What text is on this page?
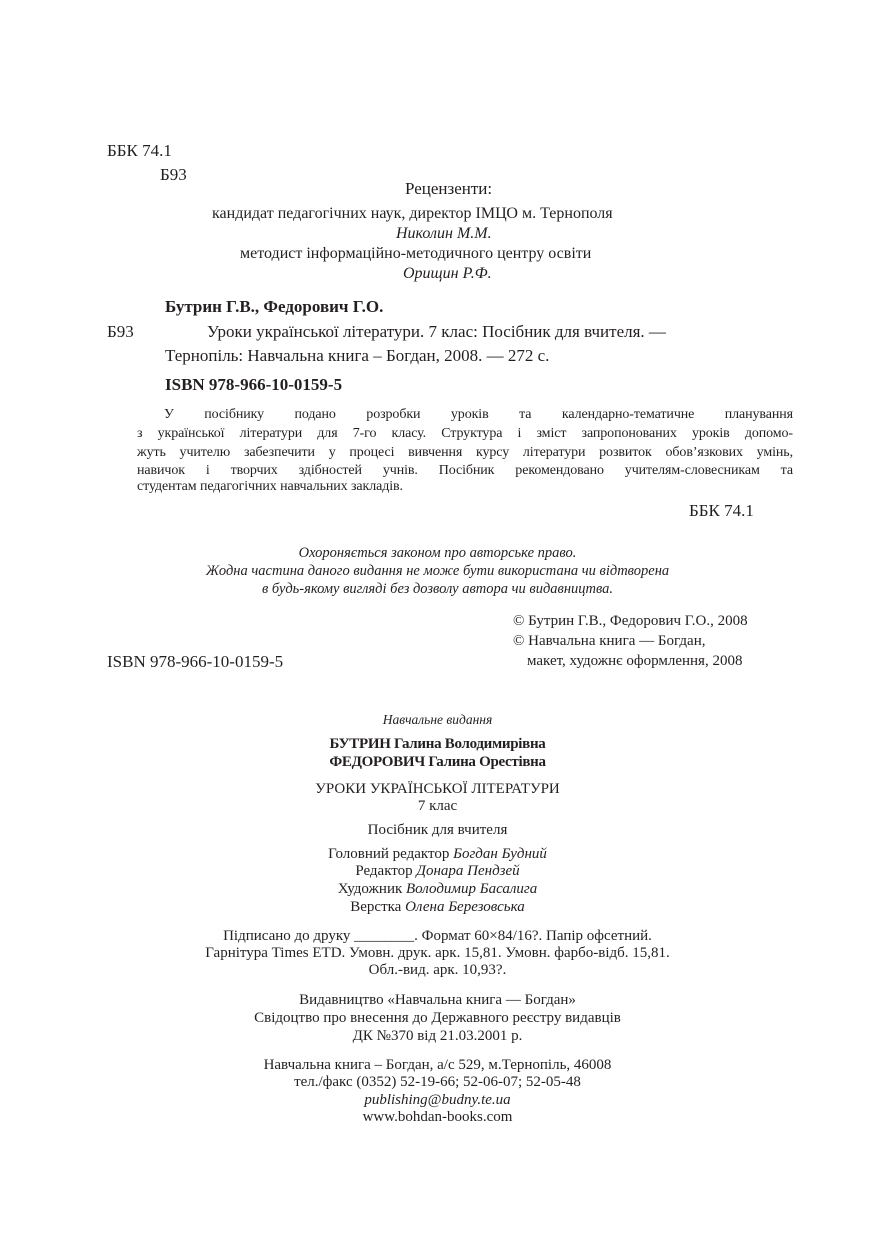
ББК 74.1
Б93
Рецензенти:
кандидат педагогічних наук, директор ІМЦО м. Тернополя
Николин М.М.
методист інформаційно-методичного центру освіти
Орищин Р.Ф.
Бутрин Г.В., Федорович Г.О.
Б93	Уроки української літератури. 7 клас: Посібник для вчителя. —
Тернопіль: Навчальна книга – Богдан, 2008. — 272 с.
ISBN 978-966-10-0159-5
У посібнику подано розробки уроків та календарно-тематичне планування
з української літератури для 7-го класу. Структура і зміст запропонованих уроків допомо-
жуть учителю забезпечити у процесі вивчення курсу літератури розвиток обов’язкових умінь,
навичок і творчих здібностей учнів. Посібник рекомендовано учителям-словесникам та
студентам педагогічних навчальних закладів.
ББК 74.1
Охороняється законом про авторське право.
Жодна частина даного видання не може бути використана чи відтворена
в будь-якому вигляді без дозволу автора чи видавництва.
© Бутрин Г.В., Федорович Г.О., 2008
© Навчальна книга — Богдан,
макет, художнє оформлення, 2008
ISBN 978-966-10-0159-5
Навчальне видання
БУТРИН Галина Володимирівна
ФЕДОРОВИЧ Галина Орестівна
УРОКИ УКРАЇНСЬКОЇ ЛІТЕРАТУРИ
7 клас
Посібник для вчителя
Головний редактор Богдан Будний
Редактор Донара Пендзей
Художник Володимир Басалига
Верстка Олена Березовська
Підписано до друку ________. Формат 60×84/16?. Папір офсетний.
Гарнітура Times ETD. Умовн. друк. арк. 15,81. Умовн. фарбо-відб. 15,81.
Обл.-вид. арк. 10,93?.
Видавництво «Навчальна книга — Богдан»
Свідоцтво про внесення до Державного реєстру видавців
ДК №370 від 21.03.2001 р.
Навчальна книга – Богдан, а/с 529, м.Тернопіль, 46008
тел./факс (0352) 52-19-66; 52-06-07; 52-05-48
publishing@budny.te.ua
www.bohdan-books.com
